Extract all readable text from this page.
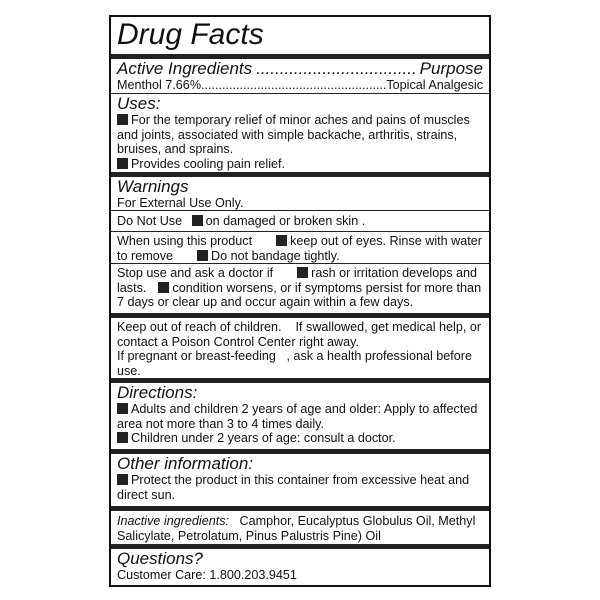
Drug Facts
Active Ingredients .....	Purpose
Menthol 7.66% .....	Topical Analgesic
Uses:
For the temporary relief of minor aches and pains of muscles and joints, associated with simple backache, arthritis, strains, bruises, and sprains.
Provides cooling pain relief.
Warnings
For External Use Only.
Do Not Use on damaged or broken skin .
When using this product	keep out of eyes. Rinse with water to remove	Do not bandage tightly.
Stop use and ask a doctor if	rash or irritation develops and lasts. condition worsens, or if symptoms persist for more than 7 days or clear up and occur again within a few days.
Keep out of reach of children. If swallowed, get medical help, or contact a Poison Control Center right away.
If pregnant or breast-feeding , ask a health professional before use.
Directions:
Adults and children 2 years of age and older: Apply to affected area not more than 3 to 4 times daily.
Children under 2 years of age: consult a doctor.
Other information:
Protect the product in this container from excessive heat and direct sun.
Inactive ingredients: Camphor, Eucalyptus Globulus Oil, Methyl Salicylate, Petrolatum, Pinus Palustris Pine) Oil
Questions?
Customer Care: 1.800.203.9451
